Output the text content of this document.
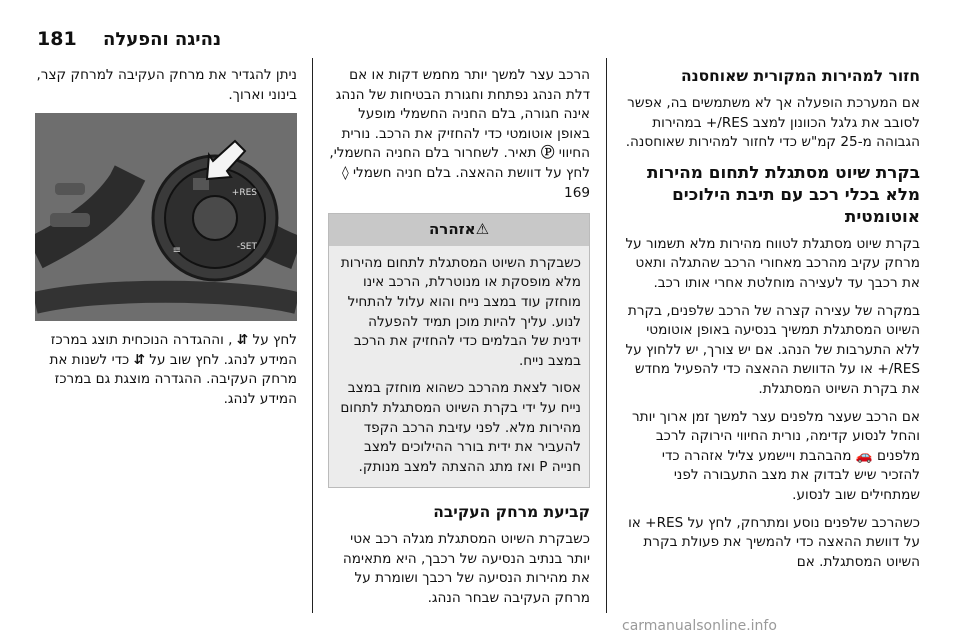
181 נהיגה והפעלה
חזור למהירות המקורית שאוחסנה

אם המערכת הופעלה אך לא משתמשים בה, אפשר לסובב את גלגל הכוונון למצב RES/+ במהירות הגבוהה מ-25 קמ"ש כדי לחזור למהירות שאוחסנה.

בקרת שיוט מסתגלת לתחום מהירות מלא בכלי רכב עם תיבת הילוכים אוטומטית

בקרת שיוט מסתגלת לטווח מהירות מלא תשמור על מרחק עקיב מהרכב מאחורי הרכב שהתגלה ותאט את רכבך עד לעצירה מוחלטת אחרי אותו רכב.

במקרה של עצירה קצרה של הרכב שלפנים, בקרת השיוט המסתגלת תמשיך בנסיעה באופן אוטומטי ללא התערבות של הנהג. אם יש צורך, יש ללחוץ על RES/+ או על הדוושת ההאצה כדי להפעיל מחדש את בקרת השיוט המסתגלת.

אם הרכב שעצר מלפנים עצר למשך זמן ארוך יותר והחל לנסוע קדימה, נורית החיווי הירוקה לרכב מלפנים 🚗 מהבהבת ויישמע צליל אזהרה כדי להזכיר שיש לבדוק את מצב התעבורה לפני שמתחילים שוב לנסוע.

כשהרכב שלפנים נוסע ומתרחק, לחץ על RES+ או על דוושת ההאצה כדי להמשיך את פעולת בקרת השיוט המסתגלת. אם

הרכב עצר למשך יותר מחמש דקות או אם דלת הנהג נפתחת וחגורת הבטיחות של הנהג אינה חגורה, בלם החניה החשמלי מופעל באופן אוטומטי כדי להחזיק את הרכב. נורית החיווי Ⓟ תאיר. לשחרור בלם החניה החשמלי, לחץ על דוושת ההאצה. בלם חניה חשמלי ◊ 169

⚠אזהרה

כשבקרת השיוט המסתגלת לתחום מהירות מלא מופסקת או מנוטרלת, הרכב אינו מוחזק עוד במצב נייח והוא עלול להתחיל לנוע. עליך להיות מוכן תמיד להפעלה ידנית של הבלמים כדי להחזיק את הרכב במצב נייח.

אסור לצאת מהרכב כשהוא מוחזק במצב נייח על ידי בקרת השיוט המסתגלת לתחום מהירות מלא. לפני עזיבת הרכב הקפד להעביר את ידית בורר ההילוכים למצב חנייה P ואז מתג ההצתה למצב מנותק.

קביעת מרחק העקיבה

כשבקרת השיוט המסתגלת מגלה רכב אטי יותר בנתיב הנסיעה של רכבך, היא מתאימה את מהירות הנסיעה של רכבך ושומרת על מרחק העקיבה שבחר הנהג.

ניתן להגדיר את מרחק העקיבה למרחק קצר, בינוני וארוך.

RES+
SET-
≡

לחץ על ⇵ , וההגדרה הנוכחית תוצג במרכז המידע לנהג. לחץ שוב על ⇵ כדי לשנות את מרחק העקיבה. ההגדרה מוצגת גם במרכז המידע לנהג.

carmanualsonline.info
